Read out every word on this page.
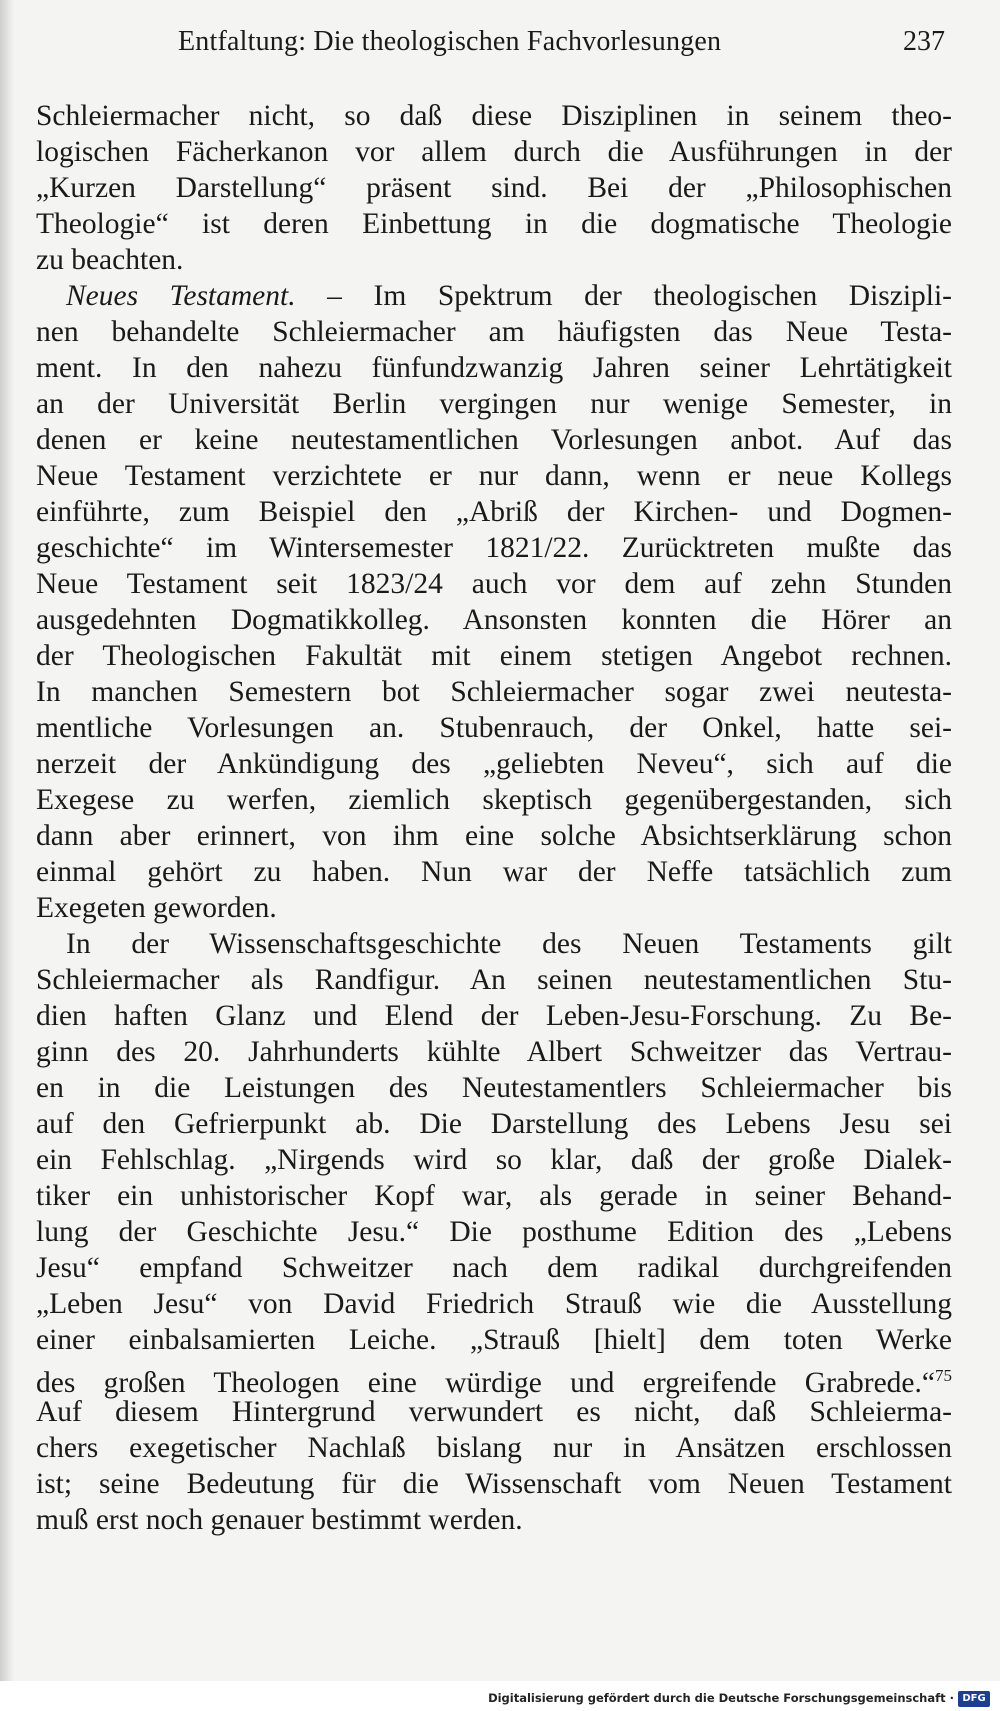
Entfaltung: Die theologischen Fachvorlesungen	237
Schleiermacher nicht, so daß diese Disziplinen in seinem theo-
logischen Fächerkanon vor allem durch die Ausführungen in der
„Kurzen Darstellung“ präsent sind. Bei der „Philosophischen
Theologie“ ist deren Einbettung in die dogmatische Theologie
zu beachten.
Neues Testament. – Im Spektrum der theologischen Diszipli-
nen behandelte Schleiermacher am häufigsten das Neue Testa-
ment. In den nahezu fünfundzwanzig Jahren seiner Lehrtätigkeit
an der Universität Berlin vergingen nur wenige Semester, in
denen er keine neutestamentlichen Vorlesungen anbot. Auf das
Neue Testament verzichtete er nur dann, wenn er neue Kollegs
einführte, zum Beispiel den „Abriß der Kirchen- und Dogmen-
geschichte“ im Wintersemester 1821/22. Zurücktreten mußte das
Neue Testament seit 1823/24 auch vor dem auf zehn Stunden
ausgedehnten Dogmatikkolleg. Ansonsten konnten die Hörer an
der Theologischen Fakultät mit einem stetigen Angebot rechnen.
In manchen Semestern bot Schleiermacher sogar zwei neutesta-
mentliche Vorlesungen an. Stubenrauch, der Onkel, hatte sei-
nerzeit der Ankündigung des „geliebten Neveu“, sich auf die
Exegese zu werfen, ziemlich skeptisch gegenübergestanden, sich
dann aber erinnert, von ihm eine solche Absichtserklärung schon
einmal gehört zu haben. Nun war der Neffe tatsächlich zum
Exegeten geworden.
In der Wissenschaftsgeschichte des Neuen Testaments gilt
Schleiermacher als Randfigur. An seinen neutestamentlichen Stu-
dien haften Glanz und Elend der Leben-Jesu-Forschung. Zu Be-
ginn des 20. Jahrhunderts kühlte Albert Schweitzer das Vertrau-
en in die Leistungen des Neutestamentlers Schleiermacher bis
auf den Gefrierpunkt ab. Die Darstellung des Lebens Jesu sei
ein Fehlschlag. „Nirgends wird so klar, daß der große Dialek-
tiker ein unhistorischer Kopf war, als gerade in seiner Behand-
lung der Geschichte Jesu.“ Die posthume Edition des „Lebens
Jesu“ empfand Schweitzer nach dem radikal durchgreifenden
„Leben Jesu“ von David Friedrich Strauß wie die Ausstellung
einer einbalsamierten Leiche. „Strauß [hielt] dem toten Werke
des großen Theologen eine würdige und ergreifende Grabrede.“$^{75}$
Auf diesem Hintergrund verwundert es nicht, daß Schleierma-
chers exegetischer Nachlaß bislang nur in Ansätzen erschlossen
ist; seine Bedeutung für die Wissenschaft vom Neuen Testament
muß erst noch genauer bestimmt werden.
Digitalisierung gefördert durch die Deutsche Forschungsgemeinschaft · DFG
